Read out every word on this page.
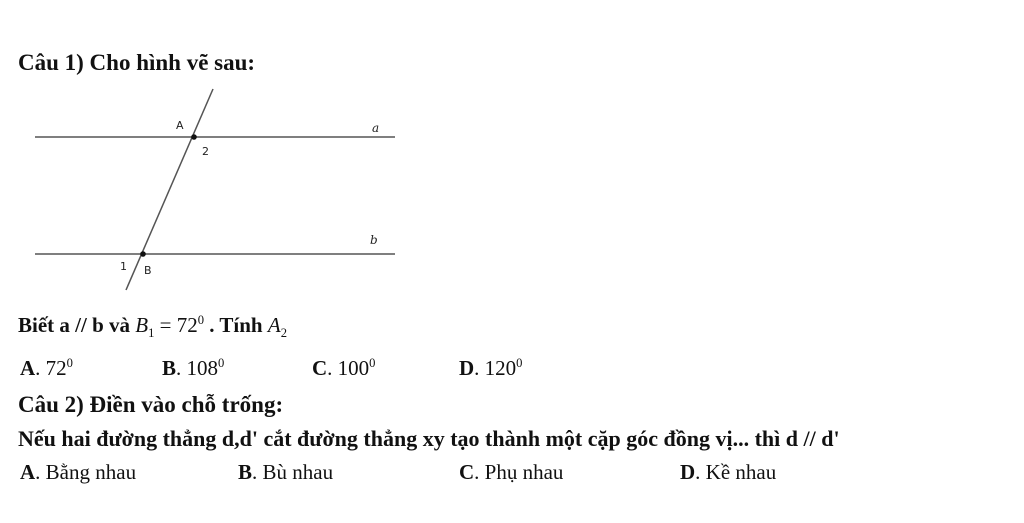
Câu 1) Cho hình vẽ sau:
A
2
a
b
1 B
Biết a // b và $B_1 = 72^0$ . Tính $A_2$
A. $72^0$	B. $108^0$	C. $100^0$	D. $120^0$
Câu 2) Điền vào chỗ trống:
Nếu hai đường thẳng d,d' cắt đường thẳng xy tạo thành một cặp góc đồng vị... thì d // d'
A. Bằng nhau	B. Bù nhau	C. Phụ nhau	D. Kề nhau
